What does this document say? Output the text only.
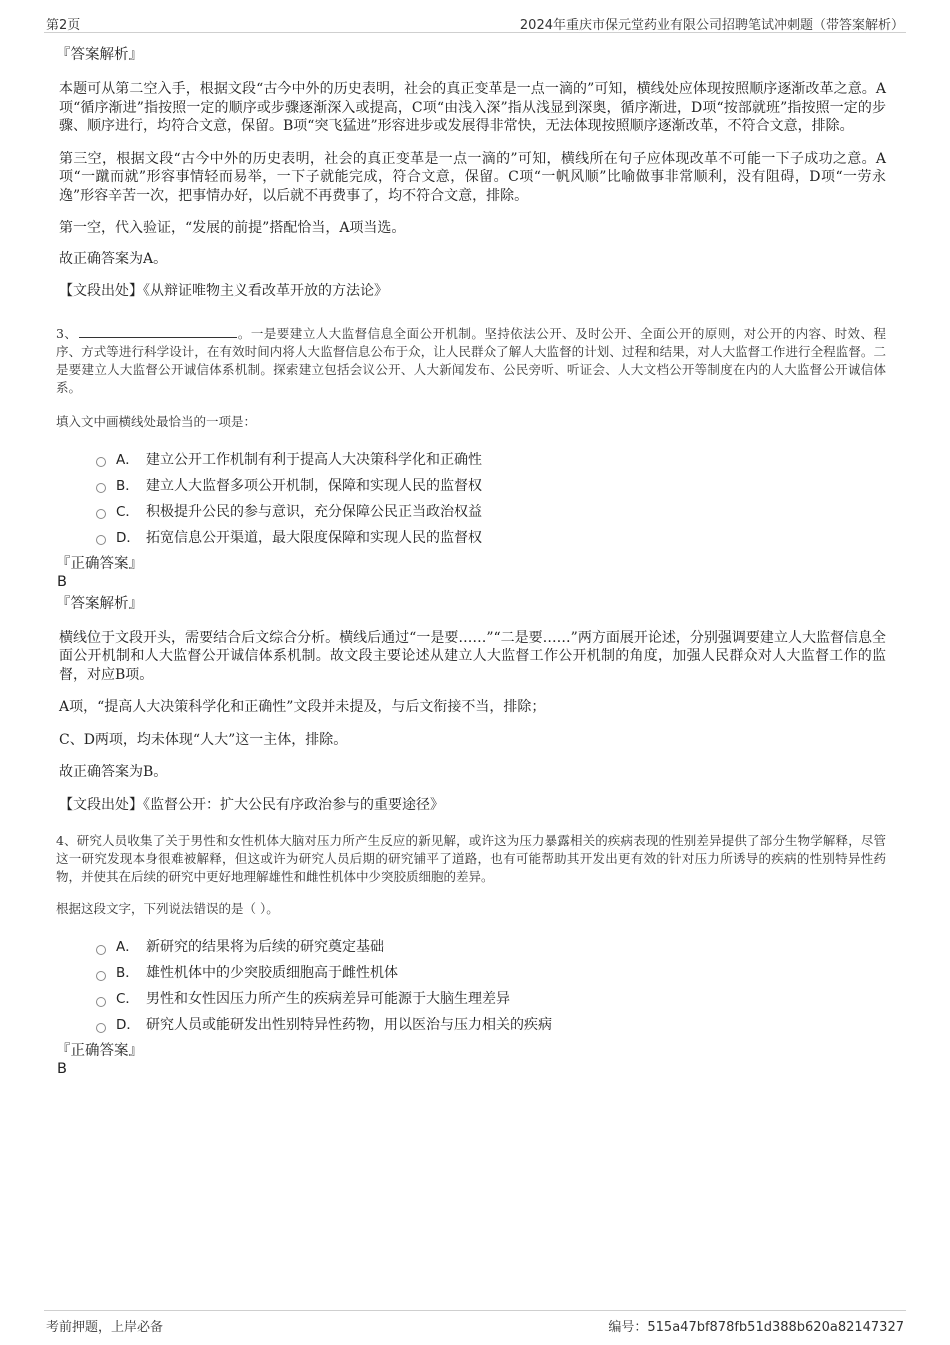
第2页	2024年重庆市保元堂药业有限公司招聘笔试冲刺题（带答案解析）
『答案解析』
本题可从第二空入手，根据文段“古今中外的历史表明，社会的真正变革是一点一滴的”可知，横线处应体现按照顺序逐渐改革之意。A项“循序渐进”指按照一定的顺序或步骤逐渐深入或提高，C项“由浅入深”指从浅显到深奥，循序渐进，D项“按部就班”指按照一定的步骤、顺序进行，均符合文意，保留。B项“突飞猛进”形容进步或发展得非常快，无法体现按照顺序逐渐改革，不符合文意，排除。
第三空，根据文段“古今中外的历史表明，社会的真正变革是一点一滴的”可知，横线所在句子应体现改革不可能一下子成功之意。A项“一蹴而就”形容事情轻而易举，一下子就能完成，符合文意，保留。C项“一帆风顺”比喻做事非常顺利，没有阻碍，D项“一劳永逸”形容辛苦一次，把事情办好，以后就不再费事了，均不符合文意，排除。
第一空，代入验证，“发展的前提”搭配恰当，A项当选。
故正确答案为A。
【文段出处】《从辩证唯物主义看改革开放的方法论》
3、	。一是要建立人大监督信息全面公开机制。坚持依法公开、及时公开、全面公开的原则，对公开的内容、时效、程序、方式等进行科学设计，在有效时间内将人大监督信息公布于众，让人民群众了解人大监督的计划、过程和结果，对人大监督工作进行全程监督。二是要建立人大监督公开诚信体系机制。探索建立包括会议公开、人大新闻发布、公民旁听、听证会、人大文档公开等制度在内的人大监督公开诚信体系。
填入文中画横线处最恰当的一项是：
A． 建立公开工作机制有利于提高人大决策科学化和正确性
B． 建立人大监督多项公开机制，保障和实现人民的监督权
C． 积极提升公民的参与意识，充分保障公民正当政治权益
D． 拓宽信息公开渠道，最大限度保障和实现人民的监督权
『正确答案』
B
『答案解析』
横线位于文段开头，需要结合后文综合分析。横线后通过“一是要……”“二是要……”两方面展开论述，分别强调要建立人大监督信息全面公开机制和人大监督公开诚信体系机制。故文段主要论述从建立人大监督工作公开机制的角度，加强人民群众对人大监督工作的监督，对应B项。
A项，“提高人大决策科学化和正确性”文段并未提及，与后文衔接不当，排除；
C、D两项，均未体现“人大”这一主体，排除。
故正确答案为B。
【文段出处】《监督公开：扩大公民有序政治参与的重要途径》
4、研究人员收集了关于男性和女性机体大脑对压力所产生反应的新见解，或许这为压力暴露相关的疾病表现的性别差异提供了部分生物学解释，尽管这一研究发现本身很难被解释，但这或许为研究人员后期的研究铺平了道路，也有可能帮助其开发出更有效的针对压力所诱导的疾病的性别特异性药物，并使其在后续的研究中更好地理解雄性和雌性机体中少突胶质细胞的差异。
根据这段文字，下列说法错误的是（ ）。
A． 新研究的结果将为后续的研究奠定基础
B． 雄性机体中的少突胶质细胞高于雌性机体
C． 男性和女性因压力所产生的疾病差异可能源于大脑生理差异
D． 研究人员或能研发出性别特异性药物，用以医治与压力相关的疾病
『正确答案』
B
考前押题，上岸必备	编号：515a47bf878fb51d388b620a82147327
